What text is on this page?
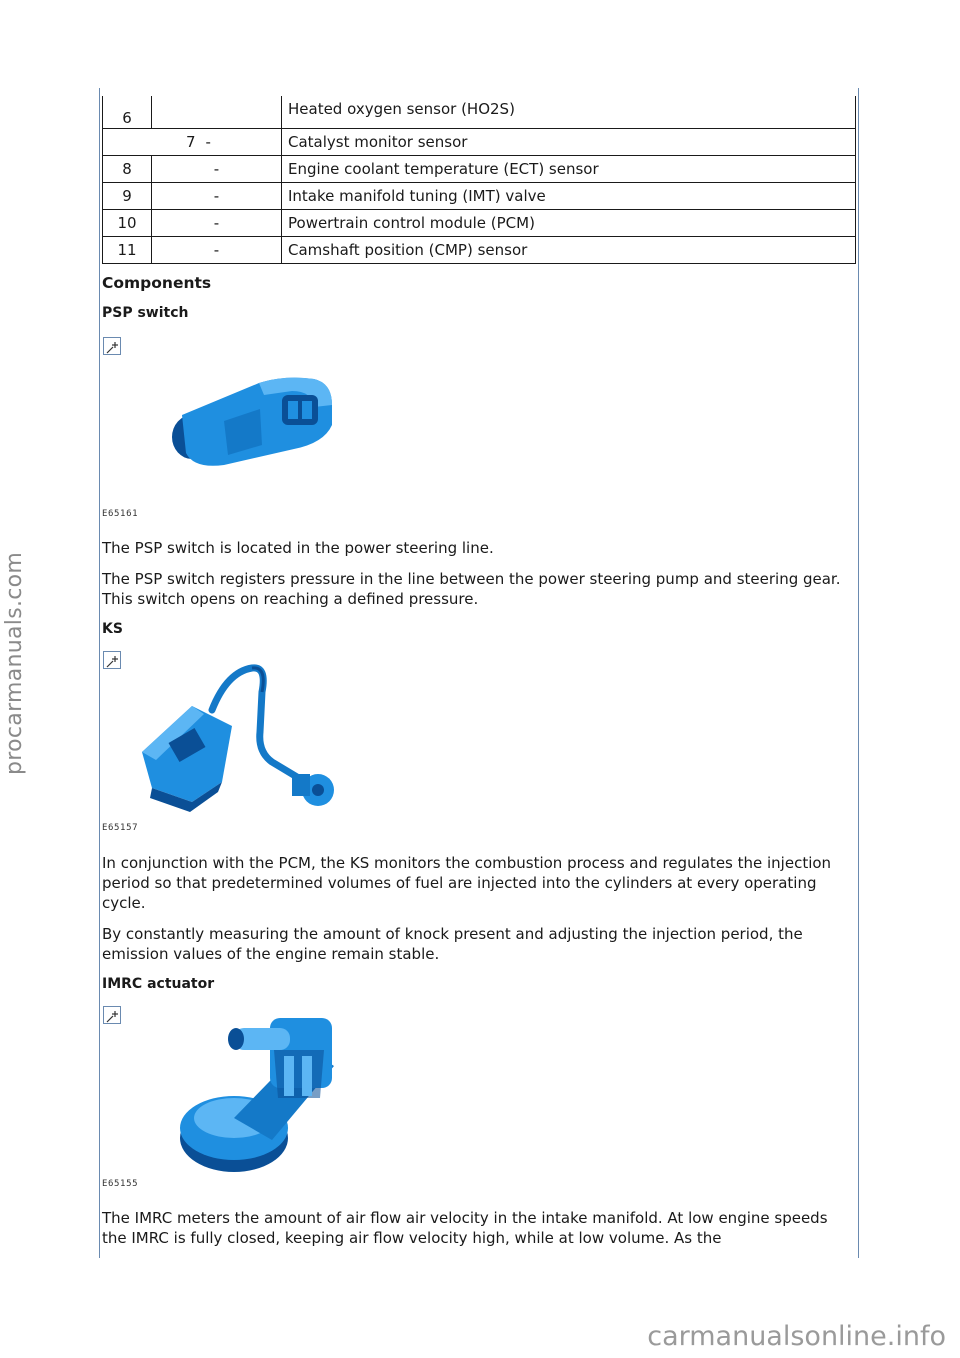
procarmanuals.com
carmanualsonline.info
6		Heated oxygen sensor (HO2S)
	7 -	Catalyst monitor sensor
8	-	Engine coolant temperature (ECT) sensor
9	-	Intake manifold tuning (IMT) valve
10	-	Powertrain control module (PCM)
11	-	Camshaft position (CMP) sensor
Components
PSP switch
E65161

The PSP switch is located in the power steering line.

The PSP switch registers pressure in the line between the power steering pump and steering gear. This switch opens on reaching a defined pressure.

KS
E65157

In conjunction with the PCM, the KS monitors the combustion process and regulates the injection period so that predetermined volumes of fuel are injected into the cylinders at every operating cycle.

By constantly measuring the amount of knock present and adjusting the injection period, the emission values of the engine remain stable.

IMRC actuator
E65155

The IMRC meters the amount of air flow air velocity in the intake manifold. At low engine speeds the IMRC is fully closed, keeping air flow velocity high, while at low volume. As the
